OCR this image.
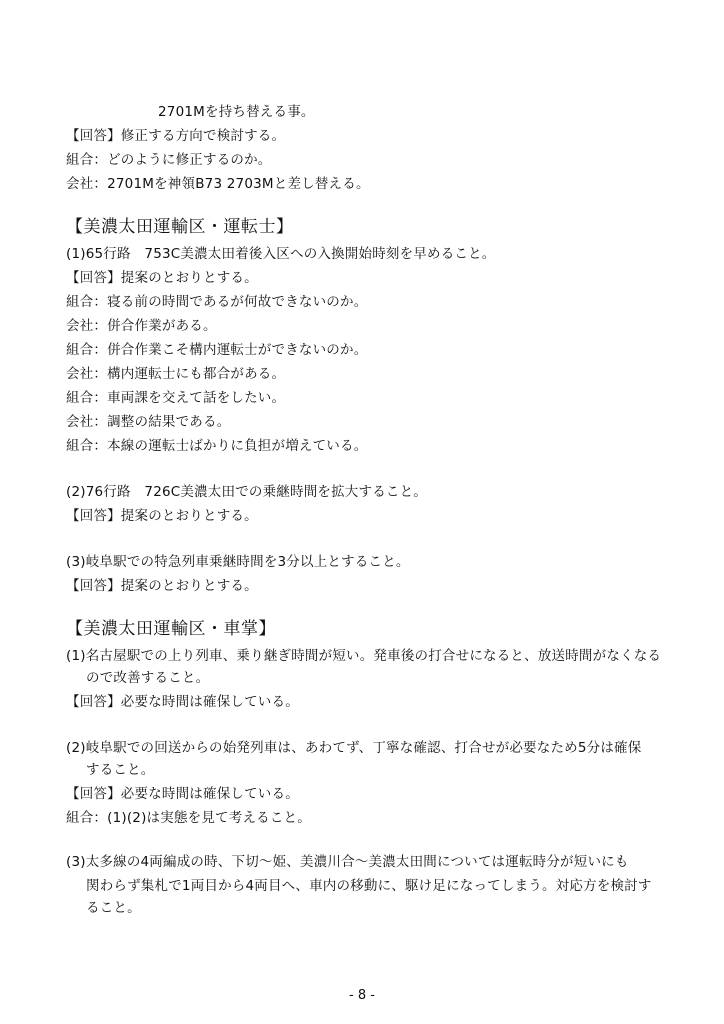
2701Mを持ち替える事。
【回答】修正する方向で検討する。
組合：どのように修正するのか。
会社：2701Mを神領B73 2703Mと差し替える。
【美濃太田運輸区・運転士】
(1)65行路　753C美濃太田着後入区への入換開始時刻を早めること。
【回答】提案のとおりとする。
組合：寝る前の時間であるが何故できないのか。
会社：併合作業がある。
組合：併合作業こそ構内運転士ができないのか。
会社：構内運転士にも都合がある。
組合：車両課を交えて話をしたい。
会社：調整の結果である。
組合：本線の運転士ばかりに負担が増えている。
(2)76行路　726C美濃太田での乗継時間を拡大すること。
【回答】提案のとおりとする。
(3)岐阜駅での特急列車乗継時間を3分以上とすること。
【回答】提案のとおりとする。
【美濃太田運輸区・車掌】
(1)名古屋駅での上り列車、乗り継ぎ時間が短い。発車後の打合せになると、放送時間がなくなる
ので改善すること。
【回答】必要な時間は確保している。
(2)岐阜駅での回送からの始発列車は、あわてず、丁寧な確認、打合せが必要なため5分は確保
すること。
【回答】必要な時間は確保している。
組合：(1)(2)は実態を見て考えること。
(3)太多線の4両編成の時、下切～姫、美濃川合～美濃太田間については運転時分が短いにも
関わらず集札で1両目から4両目へ、車内の移動に、駆け足になってしまう。対応方を検討す
ること。
- 8 -
